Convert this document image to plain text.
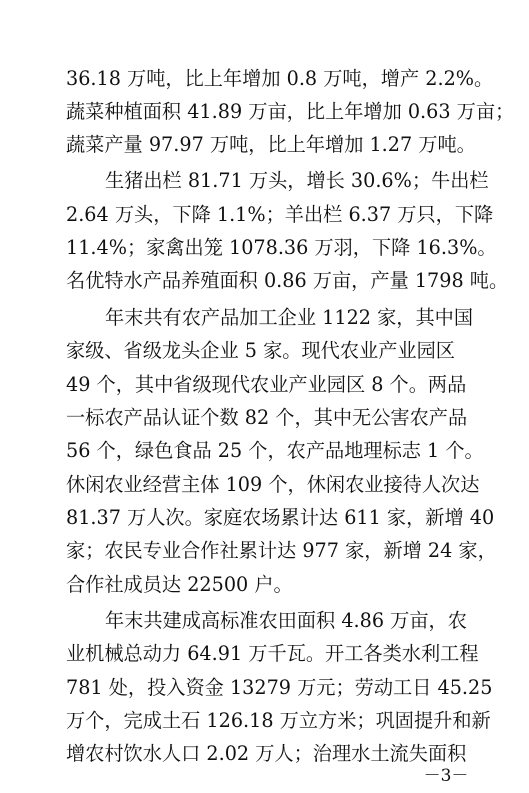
36.18 万吨，比上年增加 0.8 万吨，增产 2.2%。
蔬菜种植面积 41.89 万亩，比上年增加 0.63 万亩；
蔬菜产量 97.97 万吨，比上年增加 1.27 万吨。
生猪出栏 81.71 万头，增长 30.6%；牛出栏
2.64 万头，下降 1.1%；羊出栏 6.37 万只，下降
11.4%；家禽出笼 1078.36 万羽，下降 16.3%。
名优特水产品养殖面积 0.86 万亩，产量 1798 吨。
年末共有农产品加工企业 1122 家，其中国
家级、省级龙头企业 5 家。现代农业产业园区
49 个，其中省级现代农业产业园区 8 个。两品
一标农产品认证个数 82 个，其中无公害农产品
56 个，绿色食品 25 个，农产品地理标志 1 个。
休闲农业经营主体 109 个，休闲农业接待人次达
81.37 万人次。家庭农场累计达 611 家，新增 40
家；农民专业合作社累计达 977 家，新增 24 家，
合作社成员达 22500 户。
年末共建成高标准农田面积 4.86 万亩，农
业机械总动力 64.91 万千瓦。开工各类水利工程
781 处，投入资金 13279 万元；劳动工日 45.25
万个，完成土石 126.18 万立方米；巩固提升和新
增农村饮水人口 2.02 万人；治理水土流失面积
－3－
